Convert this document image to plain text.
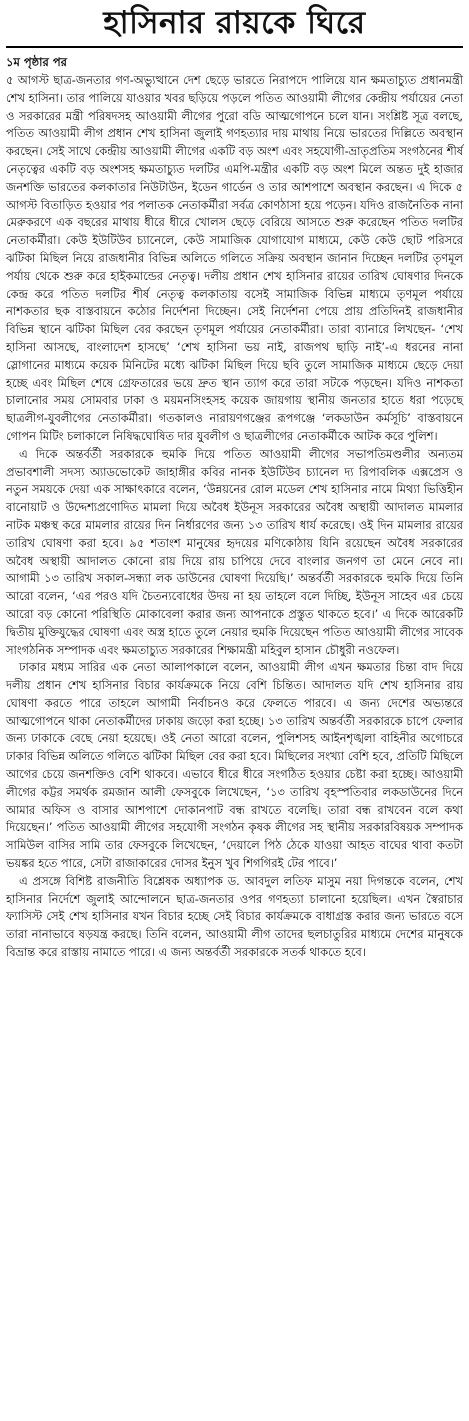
হাসিনার রায়কে ঘিরে
১ম পৃষ্ঠার পর

৫ আগস্ট ছাত্র-জনতার গণ-অভ্যুত্থানে দেশ ছেড়ে ভারতে নিরাপদে পালিয়ে যান ক্ষমতাচ্যুত প্রধানমন্ত্রী শেখ হাসিনা। তার পালিয়ে যাওয়ার খবর ছড়িয়ে পড়লে পতিত আওয়ামী লীগের কেন্দ্রীয় পর্যায়ের নেতা ও সরকারের মন্ত্রী পরিষদসহ আওয়ামী লীগের পুরো বডি আত্মগোপনে চলে যান। সংশ্লিষ্ট সূত্র বলছে, পতিত আওয়ামী লীগ প্রধান শেখ হাসিনা জুলাই গণহত্যার দায় মাথায় নিয়ে ভারতের দিল্লিতে অবস্থান করছেন। সেই সাথে কেন্দ্রীয় আওয়ামী লীগের একটি বড় অংশ এবং সহযোগী-ভ্রাতৃপ্রতিম সংগঠনের শীর্ষ নেতৃত্বের একটি বড় অংশসহ ক্ষমতাচ্যুত দলটির এমপি-মন্ত্রীর একটি বড় অংশ মিলে অন্তত দুই হাজার জনশক্তি ভারতের কলকাতার নিউটাউন, ইডেন গার্ডেন ও তার আশপাশে অবস্থান করছেন। এ দিকে ৫ আগস্ট বিতাড়িত হওয়ার পর পলাতক নেতাকর্মীরা সর্বত্র কোণঠাসা হয়ে পড়েন। যদিও রাজনৈতিক নানা মেরুকরণে এক বছরের মাথায় ধীরে ধীরে খোলস ছেড়ে বেরিয়ে আসতে শুরু করেছেন পতিত দলটির নেতাকর্মীরা। কেউ ইউটিউব চ্যানেলে, কেউ সামাজিক যোগাযোগ মাধ্যমে, কেউ কেউ ছোট পরিসরে ঝটিকা মিছিল নিয়ে রাজধানীর বিভিন্ন অলিতে গলিতে সক্রিয় অবস্থান জানান দিচ্ছেন দলটির তৃণমূল পর্যায় থেকে শুরু করে হাইকমান্ডের নেতৃত্ব। দলীয় প্রধান শেখ হাসিনার রায়ের তারিখ ঘোষণার দিনকে কেন্দ্র করে পতিত দলটির শীর্ষ নেতৃত্ব কলকাতায় বসেই সামাজিক বিভিন্ন মাধ্যমে তৃণমূল পর্যায়ে নাশকতার ছক বাস্তবায়নে কঠোর নির্দেশনা দিচ্ছেন। সেই নির্দেশনা পেয়ে প্রায় প্রতিদিনই রাজধানীর বিভিন্ন স্থানে ঝটিকা মিছিল বের করছেন তৃণমূল পর্যায়ের নেতাকর্মীরা। তারা ব্যানারে লিখছেন- ‘শেখ হাসিনা আসছে, বাংলাদেশ হাসছে’ ‘শেখ হাসিনা ভয় নাই, রাজপথ ছাড়ি নাই’-এ ধরনের নানা স্লোগানের মাধ্যমে কয়েক মিনিটের মধ্যে ঝটিকা মিছিল দিয়ে ছবি তুলে সামাজিক মাধ্যমে ছেড়ে দেয়া হচ্ছে এবং মিছিল শেষে গ্রেফতারের ভয়ে দ্রুত স্থান ত্যাগ করে তারা সটকে পড়ছেন। যদিও নাশকতা চালানোর সময় সোমবার ঢাকা ও ময়মনসিংহসহ কয়েক জায়গায় স্থানীয় জনতার হাতে ধরা পড়েছে ছাত্রলীগ-যুবলীগের নেতাকর্মীরা। গতকালও নারায়ণগঞ্জের রূপগঞ্জে ‘লকডাউন কর্মসূচি’ বাস্তবায়নে গোপন মিটিং চলাকালে নিষিদ্ধঘোষিত দার যুবলীগ ও ছাত্রলীগের নেতাকর্মীকে আটক করে পুলিশ।

এ দিকে অন্তর্বর্তী সরকারকে হুমকি দিয়ে পতিত আওয়ামী লীগের সভাপতিমণ্ডলীর অন্যতম প্রভাবশালী সদস্য অ্যাডভোকেট জাহাঙ্গীর কবির নানক ইউটিউব চ্যানেল দ্য রিপাবলিক এক্সপ্রেস ও নতুন সময়কে দেয়া এক সাক্ষাৎকারে বলেন, ‘উন্নয়নের রোল মডেল শেখ হাসিনার নামে মিথ্যা ভিত্তিহীন বানোয়াট ও উদ্দেশ্যপ্রণোদিত মামলা দিয়ে অবৈধ ইউনূস সরকারের অবৈধ অস্থায়ী আদালত মামলার নাটক মঞ্চস্থ করে মামলার রায়ের দিন নির্ধারণের জন্য ১৩ তারিখ ধার্য করেছে। ওই দিন মামলার রায়ের তারিখ ঘোষণা করা হবে। ৯৫ শতাংশ মানুষের হৃদয়ের মণিকোঠায় যিনি রয়েছেন অবৈধ সরকারের অবৈধ অস্থায়ী আদালত কোনো রায় দিয়ে রায় চাপিয়ে দেবে বাংলার জনগণ তা মেনে নেবে না। আগামী ১৩ তারিখ সকাল-সন্ধ্যা লক ডাউনের ঘোষণা দিয়েছি।’ অন্তর্বর্তী সরকারকে হুমকি দিয়ে তিনি আরো বলেন, ‘এর পরও যদি চৈতন্যবোধের উদয় না হয় তাহলে বলে দিচ্ছি, ইউনূস সাহেব এর চেয়ে আরো বড় কোনো পরিস্থিতি মোকাবেলা করার জন্য আপনাকে প্রস্তুত থাকতে হবে।’ এ দিকে আরেকটি দ্বিতীয় মুক্তিযুদ্ধের ঘোষণা এবং অস্ত্র হাতে তুলে নেয়ার হুমকি দিয়েছেন পতিত আওয়ামী লীগের সাবেক সাংগঠনিক সম্পাদক এবং ক্ষমতাচ্যুত সরকারের শিক্ষামন্ত্রী মহিবুল হাসান চৌধুরী নওফেল।

ঢাকার মধ্যম সারির এক নেতা আলাপকালে বলেন, আওয়ামী লীগ এখন ক্ষমতার চিন্তা বাদ দিয়ে দলীয় প্রধান শেখ হাসিনার বিচার কার্যক্রমকে নিয়ে বেশি চিন্তিত। আদালত যদি শেখ হাসিনার রায় ঘোষণা করতে পারে তাহলে আগামী নির্বাচনও করে ফেলতে পারবে। এ জন্য দেশের অভ্যন্তরে আত্মগোপনে থাকা নেতাকর্মীদের ঢাকায় জড়ো করা হচ্ছে। ১৩ তারিখ অন্তর্বর্তী সরকারকে চাপে ফেলার জন্য ঢাকাকে বেছে নেয়া হয়েছে। ওই নেতা আরো বলেন, পুলিশসহ আইনশৃঙ্খলা বাহিনীর অগোচরে ঢাকার বিভিন্ন অলিতে গলিতে ঝটিকা মিছিল বের করা হবে। মিছিলের সংখ্যা বেশি হবে, প্রতিটি মিছিলে আগের চেয়ে জনশক্তিও বেশি থাকবে। এভাবে ধীরে ধীরে সংগঠিত হওয়ার চেষ্টা করা হচ্ছে। আওয়ামী লীগের কট্টর সমর্থক রমজান আলী ফেসবুকে লিখেছেন, ‘১৩ তারিখ বৃহস্পতিবার লকডাউনের দিনে আমার অফিস ও বাসার আশপাশে দোকানপাট বন্ধ রাখতে বলেছি। তারা বন্ধ রাখবেন বলে কথা দিয়েছেন।’ পতিত আওয়ামী লীগের সহযোগী সংগঠন কৃষক লীগের সহ স্থানীয় সরকারবিষয়ক সম্পাদক সামিউল বাসির সামি তার ফেসবুকে লিখেছেন, ‘দেয়ালে পিঠ ঠেকে যাওয়া আহত বাঘের থাবা কতটা ভয়ঙ্কর হতে পারে, সেটা রাজাকারের দোসর ইনুস খুব শিগগিরই টের পাবে।’

এ প্রসঙ্গে বিশিষ্ট রাজনীতি বিশ্লেষক অধ্যাপক ড. আবদুল লতিফ মাসুম নয়া দিগন্তকে বলেন, শেখ হাসিনার নির্দেশে জুলাই আন্দোলনে ছাত্র-জনতার ওপর গণহত্যা চালানো হয়েছিল। এখন স্বৈরাচার ফ্যাসিস্ট সেই শেখ হাসিনার যখন বিচার হচ্ছে সেই বিচার কার্যক্রমকে বাধাগ্রস্ত করার জন্য ভারতে বসে তারা নানাভাবে ষড়যন্ত্র করছে। তিনি বলেন, আওয়ামী লীগ তাদের ছলচাতুরির মাধ্যমে দেশের মানুষকে বিভ্রান্ত করে রাস্তায় নামাতে পারে। এ জন্য অন্তর্বর্তী সরকারকে সতর্ক থাকতে হবে।
